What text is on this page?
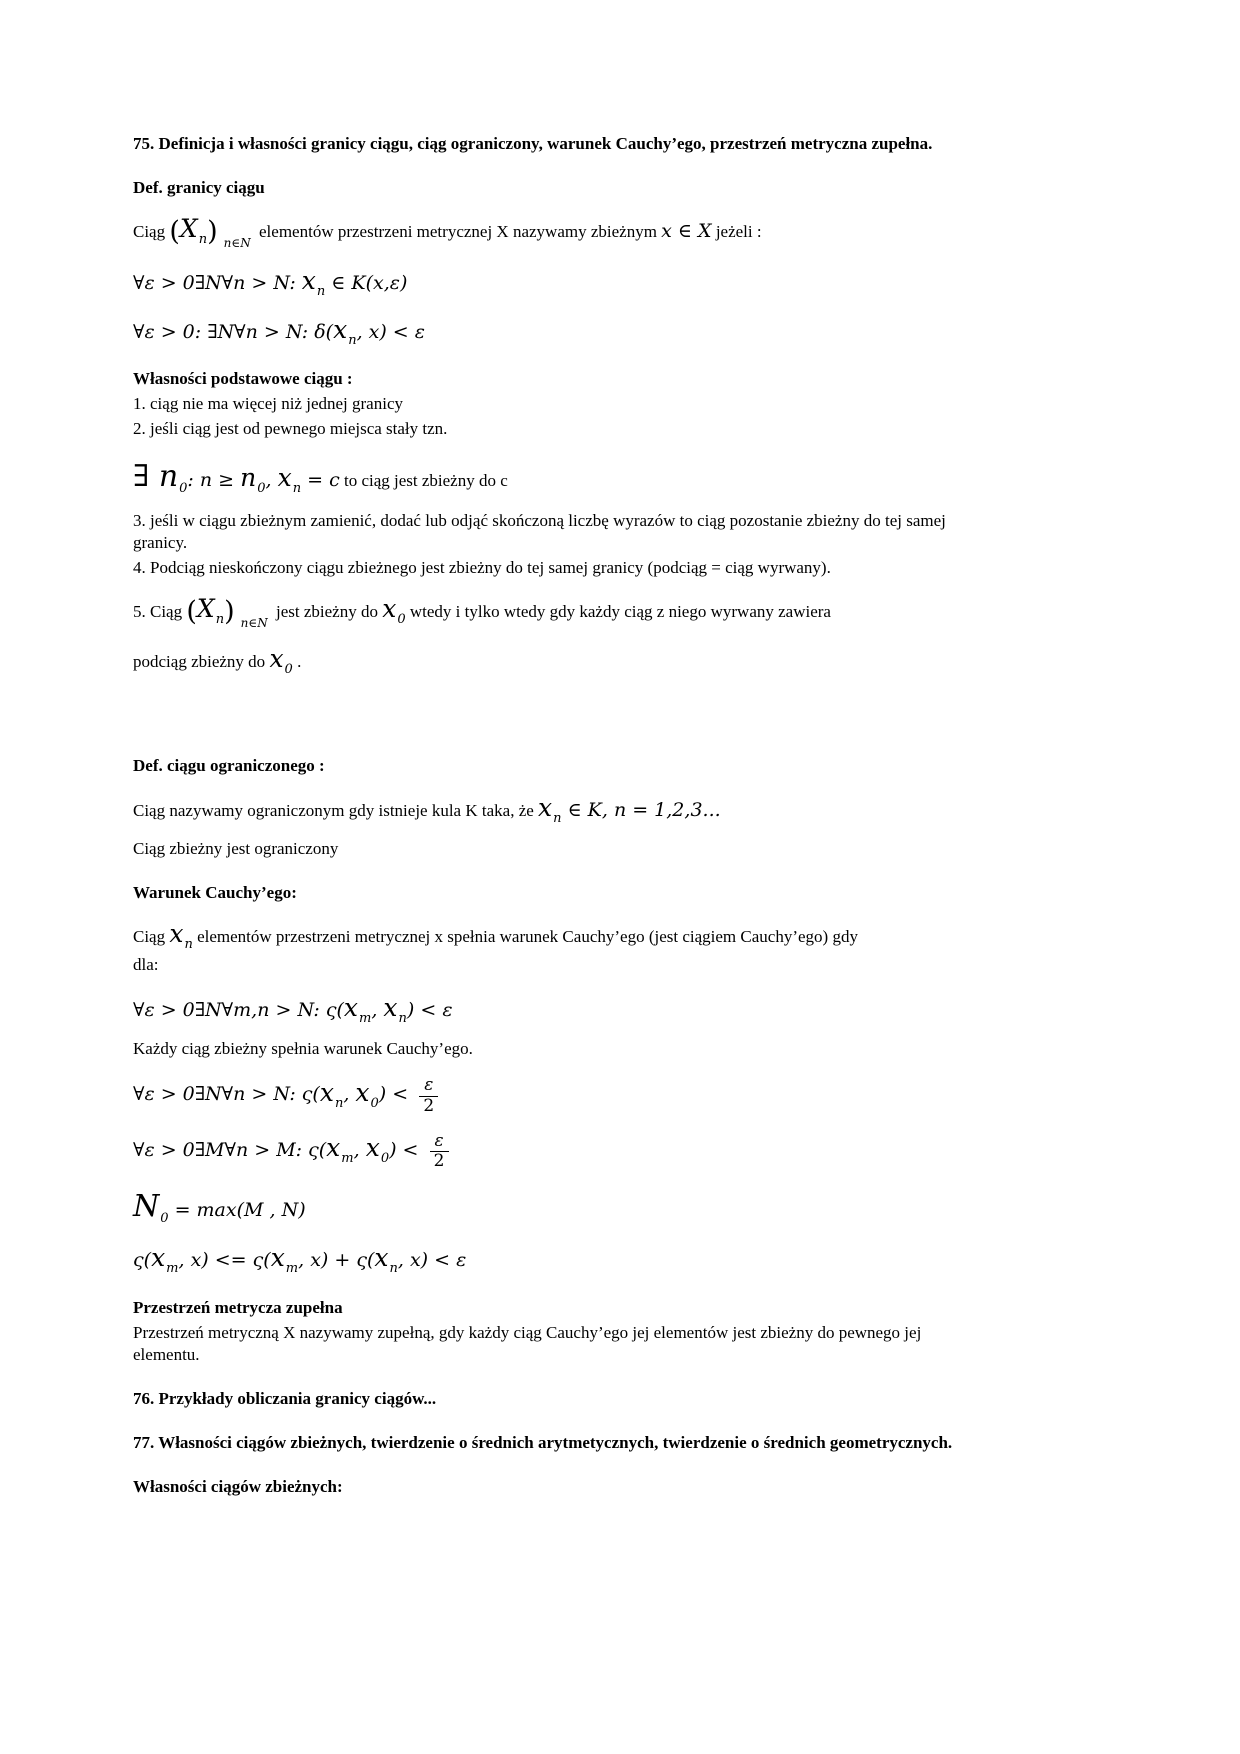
75. Definicja i własności granicy ciągu, ciąg ograniczony, warunek Cauchy’ego, przestrzeń metryczna zupełna.

Def. granicy ciągu

Ciąg $(X_n)$ n∈N elementów przestrzeni metrycznej X nazywamy zbieżnym x ∈ X jeżeli :

∀ε > 0∃N∀n > N: $x_n$ ∈ K(x,ε)

∀ε > 0: ∃N∀n > N: $\delta(x_n$, x) < ε

Własności podstawowe ciągu :

1. ciąg nie ma więcej niż jednej granicy

2. jeśli ciąg jest od pewnego miejsca stały tzn.

∃ $n_0$: $n \ge n_0$, $x_n = c$ to ciąg jest zbieżny do c

3. jeśli w ciągu zbieżnym zamienić, dodać lub odjąć skończoną liczbę wyrazów to ciąg pozostanie zbieżny do tej samej granicy.

4. Podciąg nieskończony ciągu zbieżnego jest zbieżny do tej samej granicy (podciąg = ciąg wyrwany).

5. Ciąg $(X_n)$ n∈N jest zbieżny do $x_0$ wtedy i tylko wtedy gdy każdy ciąg z niego wyrwany zawiera

podciąg zbieżny do $x_0$ .

Def. ciągu ograniczonego :

Ciąg nazywamy ograniczonym gdy istnieje kula K taka, że $x_n$ ∈ K, n = 1,2,3...

Ciąg zbieżny jest ograniczony

Warunek Cauchy’ego:

Ciąg $x_n$ elementów przestrzeni metrycznej x spełnia warunek Cauchy’ego (jest ciągiem Cauchy’ego) gdy

dla:

∀ε > 0∃N∀m,n > N: $\varsigma(x_m$, $x_n) < \varepsilon$

Każdy ciąg zbieżny spełnia warunek Cauchy’ego.

∀ε > 0∃N∀n > N: $\varsigma(x_n$, $x_0) < \frac{\varepsilon}{2}$

∀ε > 0∃M∀n > M: $\varsigma(x_m$, $x_0) < \frac{\varepsilon}{2}$

$N_0 = \max(M$ , N)

$\varsigma(x_m$, $x) <= \varsigma(x_m$, $x) + \varsigma(x_n$, x) < ε

Przestrzeń metrycza zupełna

Przestrzeń metryczną X nazywamy zupełną, gdy każdy ciąg Cauchy’ego jej elementów jest zbieżny do pewnego jej elementu.

76. Przykłady obliczania granicy ciągów...

77. Własności ciągów zbieżnych, twierdzenie o średnich arytmetycznych, twierdzenie o średnich geometrycznych.

Własności ciągów zbieżnych:
